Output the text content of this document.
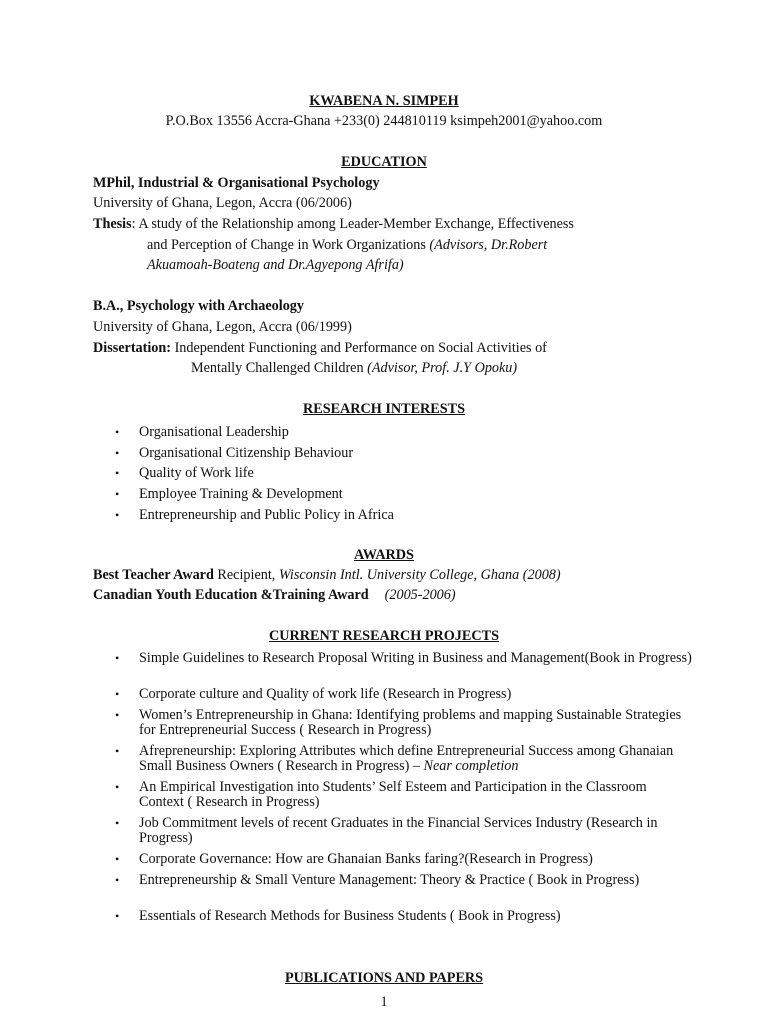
KWABENA N. SIMPEH
P.O.Box 13556 Accra-Ghana +233(0) 244810119 ksimpeh2001@yahoo.com
EDUCATION
MPhil, Industrial & Organisational Psychology
University of Ghana, Legon, Accra (06/2006)
Thesis: A study of the Relationship among Leader-Member Exchange, Effectiveness
and Perception of Change in Work Organizations (Advisors, Dr.Robert
Akuamoah-Boateng and Dr.Agyepong Afrifa)
B.A., Psychology with Archaeology
University of Ghana, Legon, Accra (06/1999)
Dissertation: Independent Functioning and Performance on Social Activities of
Mentally Challenged Children (Advisor, Prof. J.Y Opoku)
RESEARCH INTERESTS
• Organisational Leadership
• Organisational Citizenship Behaviour
• Quality of Work life
• Employee Training & Development
• Entrepreneurship and Public Policy in Africa
AWARDS
Best Teacher Award Recipient, Wisconsin Intl. University College, Ghana (2008)
Canadian Youth Education &Training Award (2005-2006)
CURRENT RESEARCH PROJECTS
• Simple Guidelines to Research Proposal Writing in Business and Management(Book in Progress)
• Corporate culture and Quality of work life (Research in Progress)
• Women’s Entrepreneurship in Ghana: Identifying problems and mapping Sustainable Strategies for Entrepreneurial Success ( Research in Progress)
• Afrepreneurship: Exploring Attributes which define Entrepreneurial Success among Ghanaian Small Business Owners ( Research in Progress) – Near completion
• An Empirical Investigation into Students’ Self Esteem and Participation in the Classroom Context ( Research in Progress)
• Job Commitment levels of recent Graduates in the Financial Services Industry (Research in Progress)
• Corporate Governance: How are Ghanaian Banks faring?(Research in Progress)
• Entrepreneurship & Small Venture Management: Theory & Practice ( Book in Progress)
• Essentials of Research Methods for Business Students ( Book in Progress)
PUBLICATIONS AND PAPERS
1
